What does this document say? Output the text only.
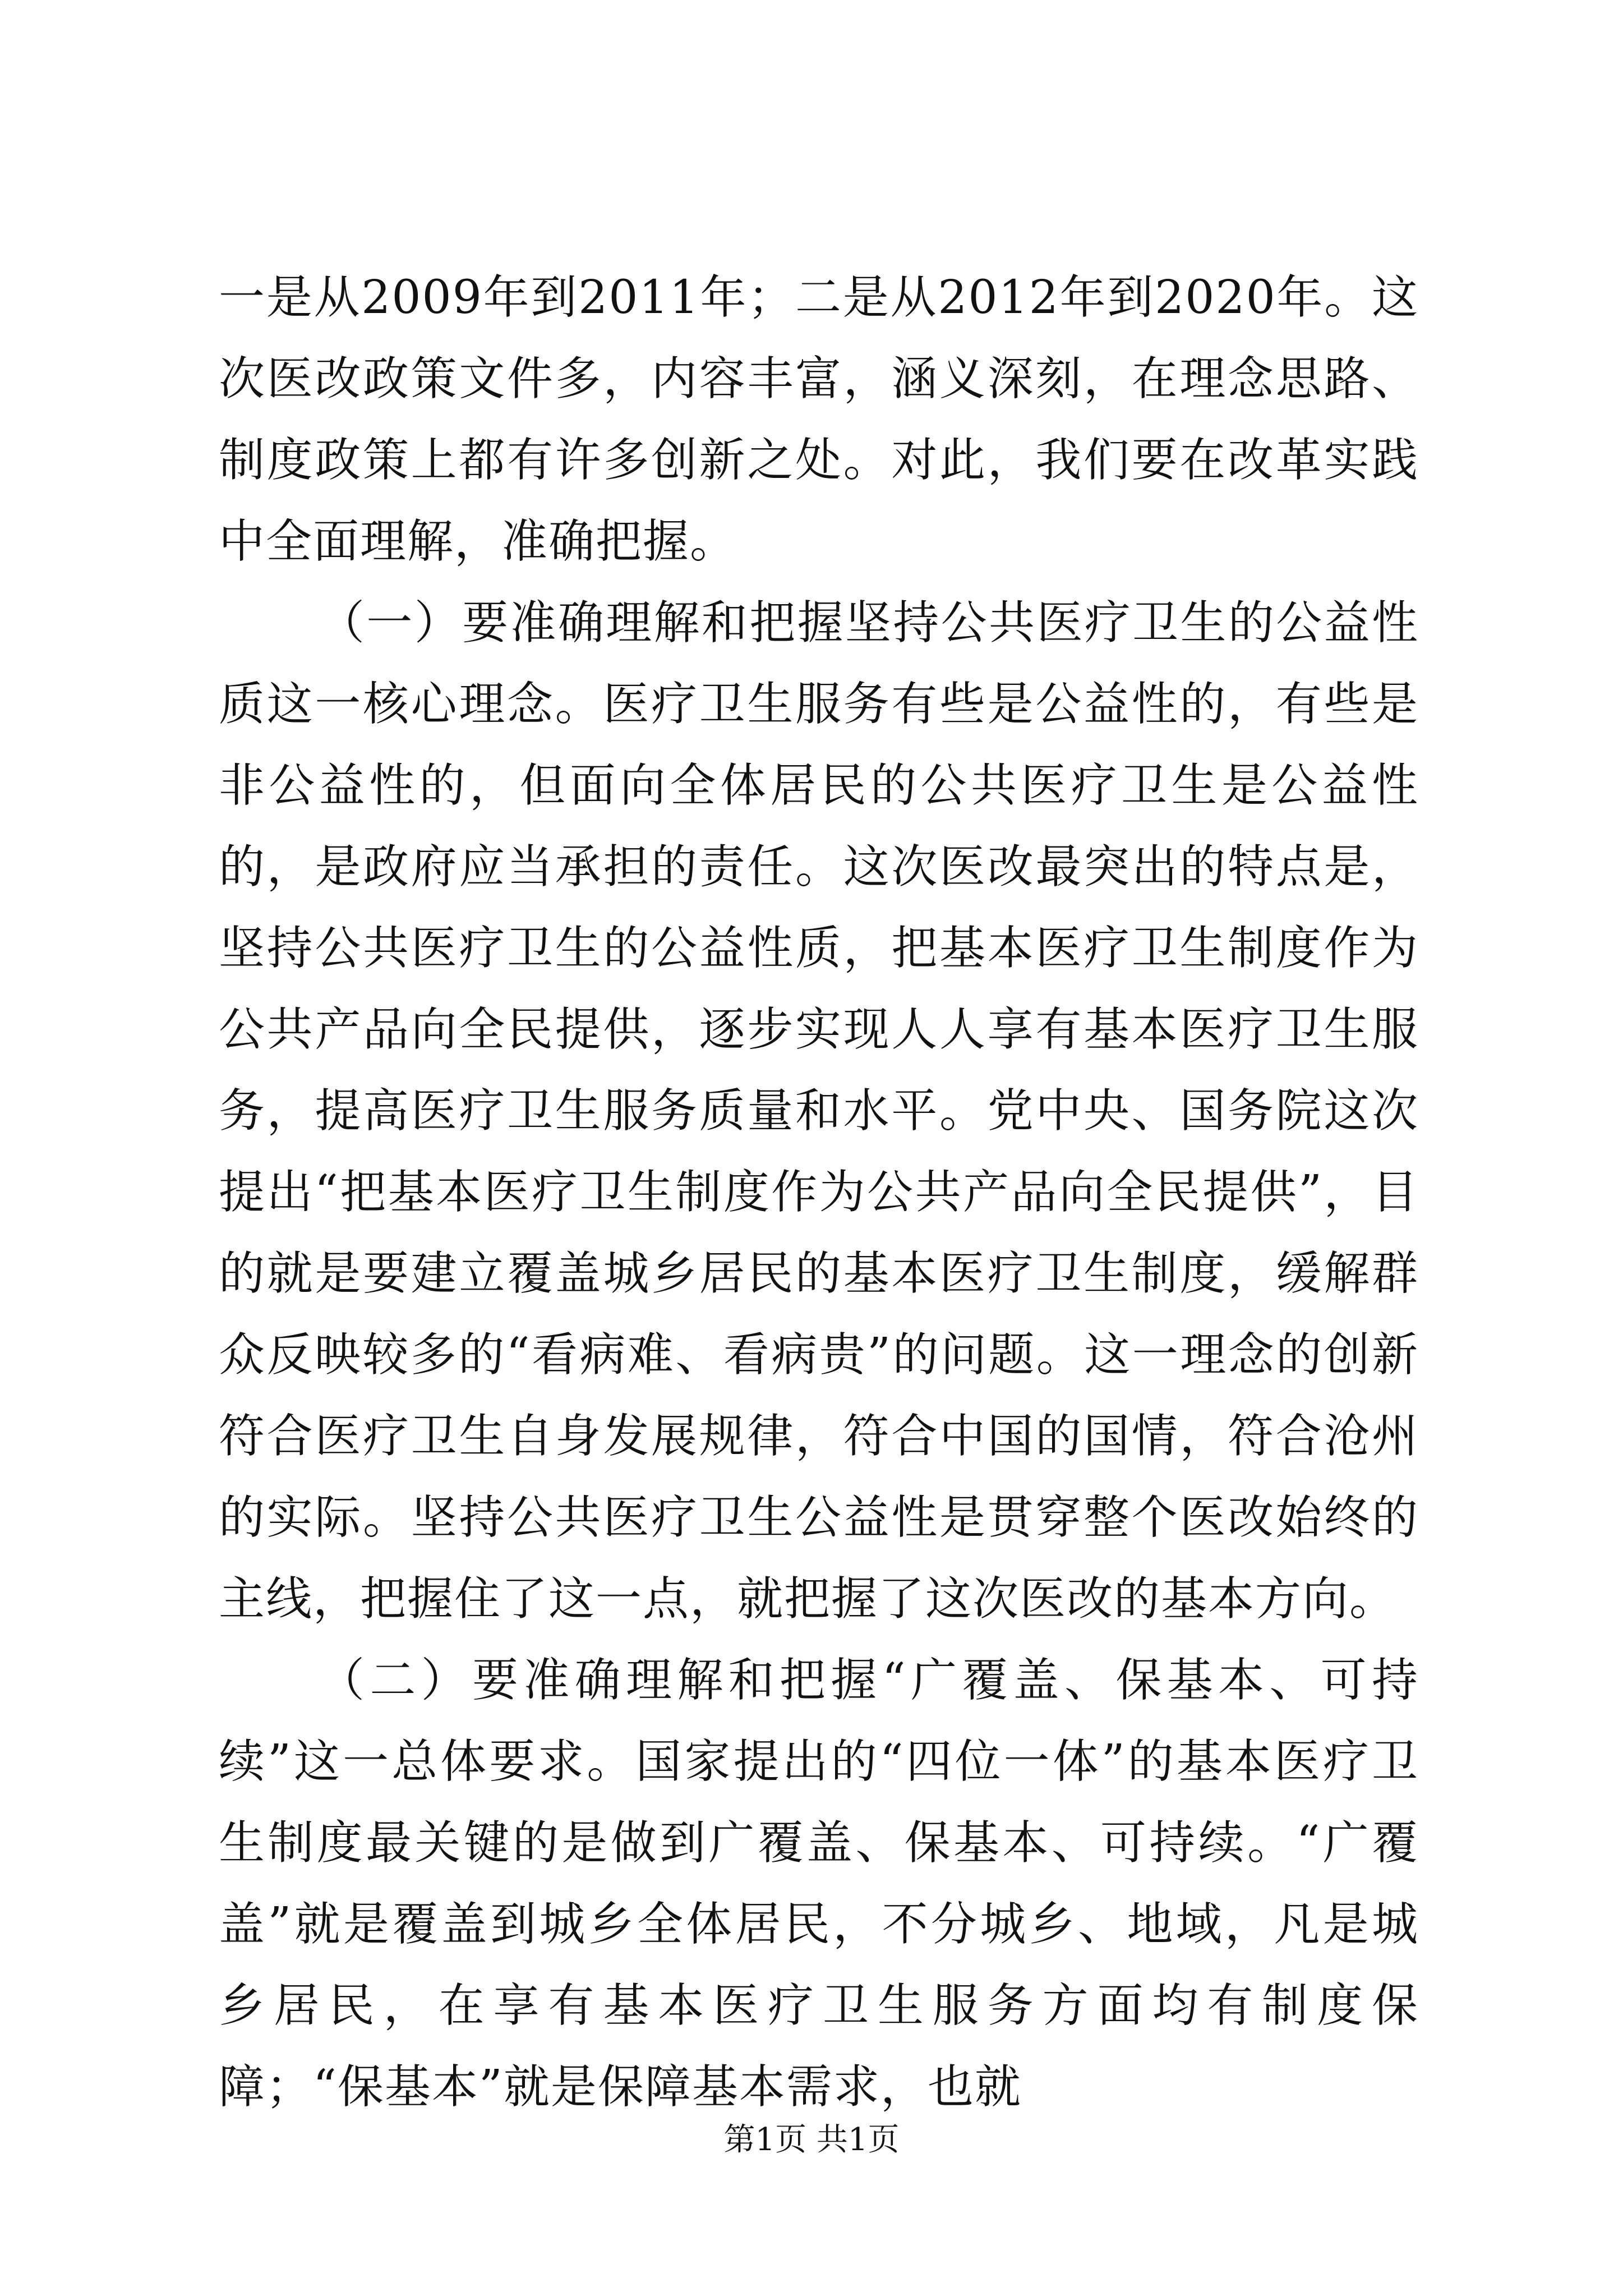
一是从2009年到2011年；二是从2012年到2020年。这次医改政策文件多，内容丰富，涵义深刻，在理念思路、制度政策上都有许多创新之处。对此，我们要在改革实践中全面理解，准确把握。

（一）要准确理解和把握坚持公共医疗卫生的公益性质这一核心理念。医疗卫生服务有些是公益性的，有些是非公益性的，但面向全体居民的公共医疗卫生是公益性的，是政府应当承担的责任。这次医改最突出的特点是，坚持公共医疗卫生的公益性质，把基本医疗卫生制度作为公共产品向全民提供，逐步实现人人享有基本医疗卫生服务，提高医疗卫生服务质量和水平。党中央、国务院这次提出“把基本医疗卫生制度作为公共产品向全民提供”，目的就是要建立覆盖城乡居民的基本医疗卫生制度，缓解群众反映较多的“看病难、看病贵”的问题。这一理念的创新符合医疗卫生自身发展规律，符合中国的国情，符合沧州的实际。坚持公共医疗卫生公益性是贯穿整个医改始终的主线，把握住了这一点，就把握了这次医改的基本方向。

（二）要准确理解和把握“广覆盖、保基本、可持续”这一总体要求。国家提出的“四位一体”的基本医疗卫生制度最关键的是做到广覆盖、保基本、可持续。“广覆盖”就是覆盖到城乡全体居民，不分城乡、地域，凡是城乡居民，在享有基本医疗卫生服务方面均有制度保障；“保基本”就是保障基本需求，也就

第1页 共1页
